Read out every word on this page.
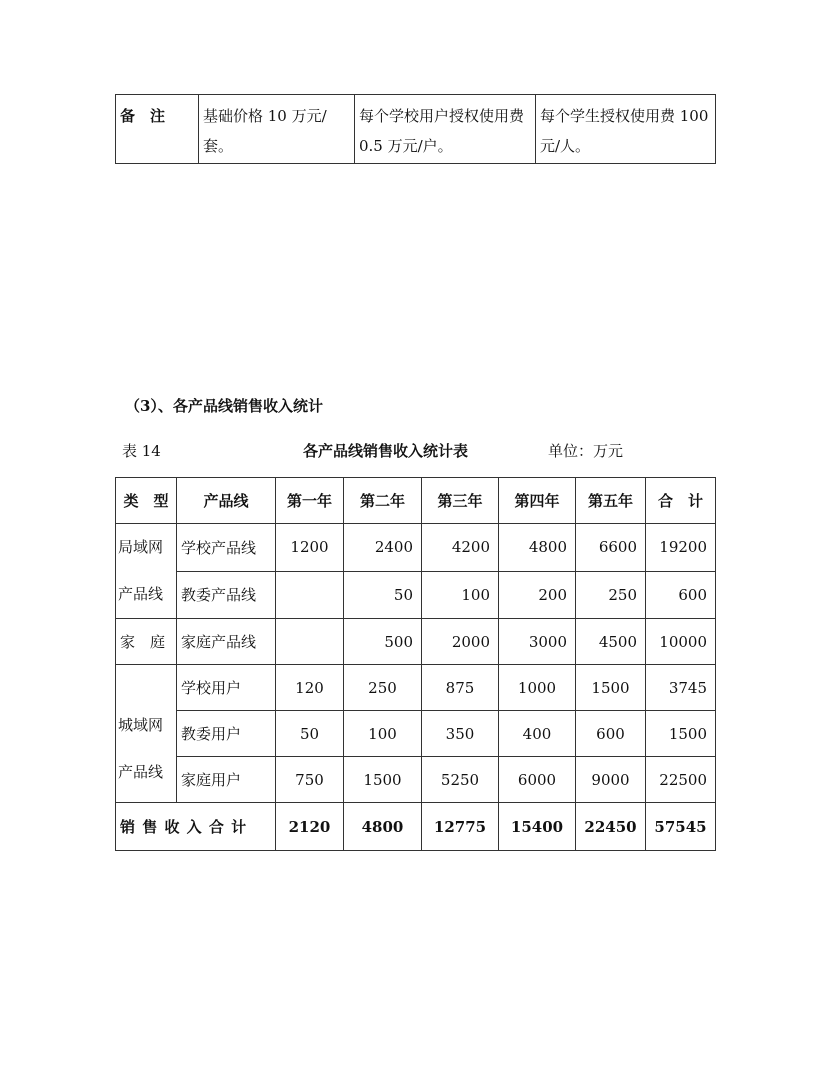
备　注	基础价格 10 万元/套。	每个学校用户授权使用费 0.5 万元/户。	每个学生授权使用费 100 元/人。
（3）、各产品线销售收入统计
表 14	各产品线销售收入统计表	单位：万元
类　型	产品线	第一年	第二年	第三年	第四年	第五年	合　计
局域网
产品线	学校产品线	1200	2400	4200	4800	6600	19200
	教委产品线		50	100	200	250	600
家　庭	家庭产品线		500	2000	3000	4500	10000
城域网
产品线	学校用户	120	250	875	1000	1500	3745
	教委用户	50	100	350	400	600	1500
	家庭用户	750	1500	5250	6000	9000	22500
销 售 收 入 合 计		2120	4800	12775	15400	22450	57545
